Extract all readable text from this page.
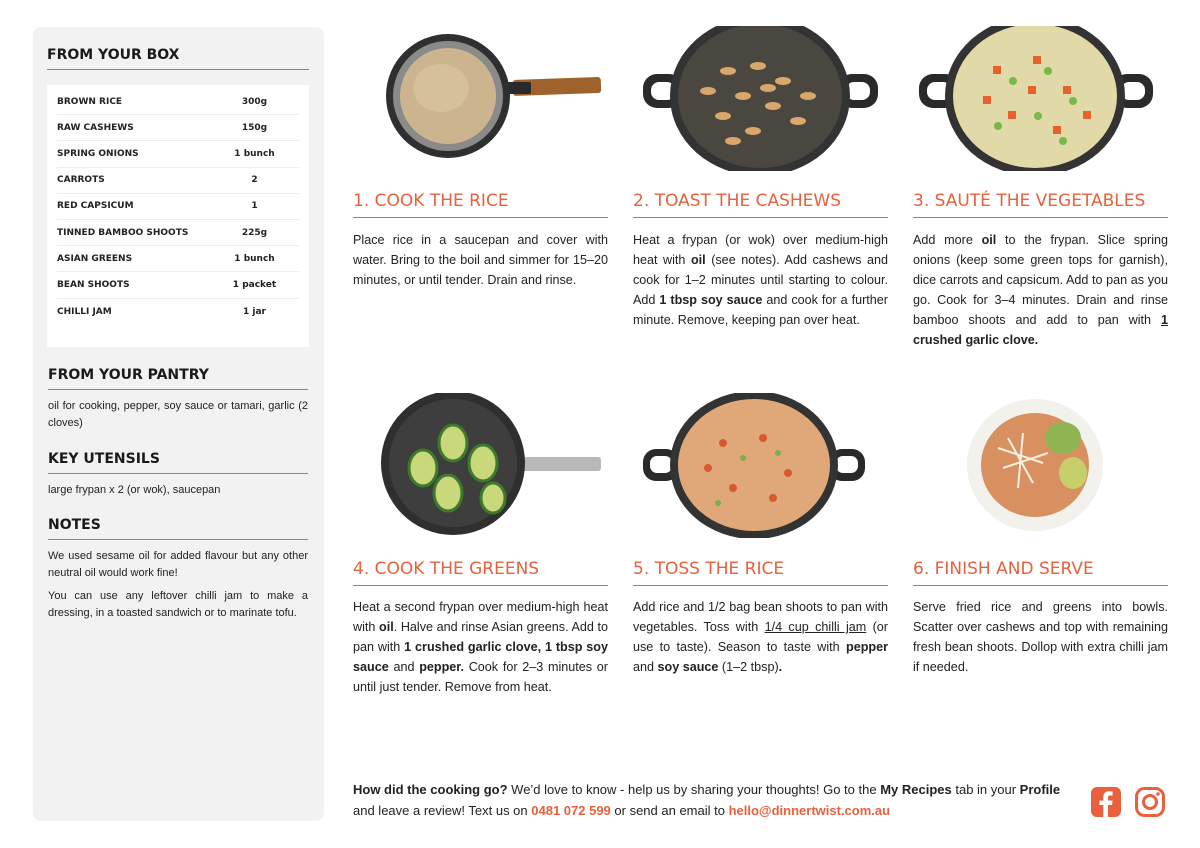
FROM YOUR BOX
BROWN RICE	300g
RAW CASHEWS	150g
SPRING ONIONS	1 bunch
CARROTS	2
RED CAPSICUM	1
TINNED BAMBOO SHOOTS	225g
ASIAN GREENS	1 bunch
BEAN SHOOTS	1 packet
CHILLI JAM	1 jar
FROM YOUR PANTRY
oil for cooking, pepper, soy sauce or tamari, garlic (2 cloves)
KEY UTENSILS
large frypan x 2 (or wok), saucepan
NOTES
We used sesame oil for added flavour but any other neutral oil would work fine!
You can use any leftover chilli jam to make a dressing, in a toasted sandwich or to marinate tofu.
1. COOK THE RICE
Place rice in a saucepan and cover with water. Bring to the boil and simmer for 15–20 minutes, or until tender. Drain and rinse.
2. TOAST THE CASHEWS
Heat a frypan (or wok) over medium-high heat with oil (see notes). Add cashews and cook for 1–2 minutes until starting to colour. Add 1 tbsp soy sauce and cook for a further minute. Remove, keeping pan over heat.
3. SAUTÉ THE VEGETABLES
Add more oil to the frypan. Slice spring onions (keep some green tops for garnish), dice carrots and capsicum. Add to pan as you go. Cook for 3–4 minutes. Drain and rinse bamboo shoots and add to pan with 1 crushed garlic clove.
4. COOK THE GREENS
Heat a second frypan over medium-high heat with oil. Halve and rinse Asian greens. Add to pan with 1 crushed garlic clove, 1 tbsp soy sauce and pepper. Cook for 2–3 minutes or until just tender. Remove from heat.
5. TOSS THE RICE
Add rice and 1/2 bag bean shoots to pan with vegetables. Toss with 1/4 cup chilli jam (or use to taste). Season to taste with pepper and soy sauce (1–2 tbsp).
6. FINISH AND SERVE
Serve fried rice and greens into bowls. Scatter over cashews and top with remaining fresh bean shoots. Dollop with extra chilli jam if needed.
How did the cooking go? We’d love to know - help us by sharing your thoughts! Go to the My Recipes tab in your Profile and leave a review! Text us on 0481 072 599 or send an email to hello@dinnertwist.com.au
